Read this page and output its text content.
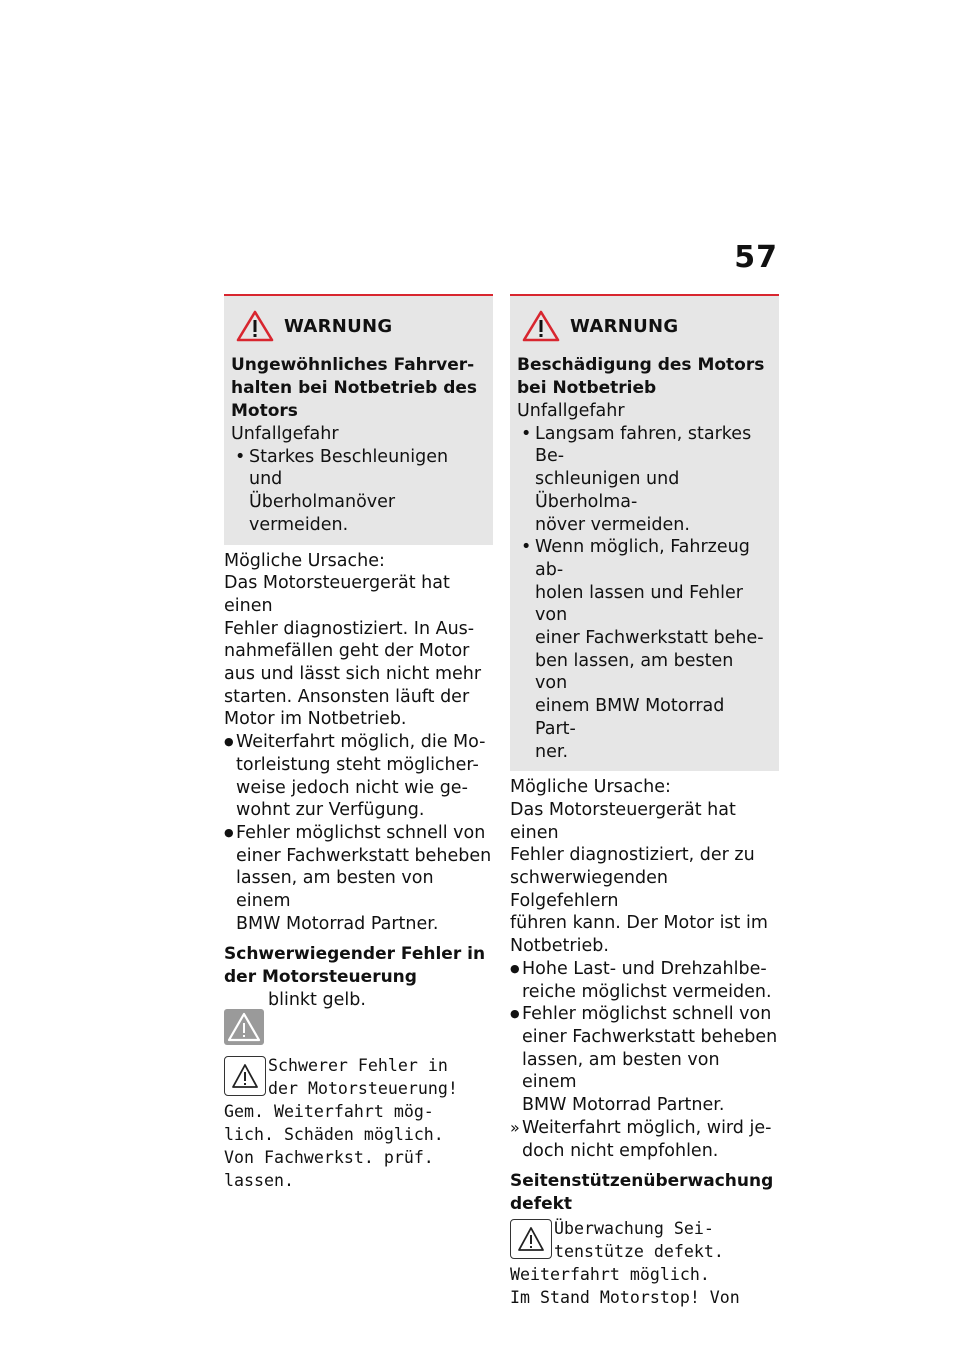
57
WARNUNG
Ungewöhnliches Fahrver-
halten bei Notbetrieb des
Motors
Unfallgefahr
• Starkes Beschleunigen und
Überholmanöver vermeiden.
Mögliche Ursache:
Das Motorsteuergerät hat einen
Fehler diagnostiziert. In Aus-
nahmefällen geht der Motor
aus und lässt sich nicht mehr
starten. Ansonsten läuft der
Motor im Notbetrieb.
● Weiterfahrt möglich, die Mo-
torleistung steht möglicher-
weise jedoch nicht wie ge-
wohnt zur Verfügung.
● Fehler möglichst schnell von
einer Fachwerkstatt beheben
lassen, am besten von einem
BMW Motorrad Partner.
Schwerwiegender Fehler in
der Motorsteuerung
blinkt gelb.
Schwerer Fehler in
der Motorsteuerung!
Gem. Weiterfahrt mög-
lich. Schäden möglich.
Von Fachwerkst. prüf.
lassen.
WARNUNG
Beschädigung des Motors
bei Notbetrieb
Unfallgefahr
• Langsam fahren, starkes Be-
schleunigen und Überholma-
növer vermeiden.
• Wenn möglich, Fahrzeug ab-
holen lassen und Fehler von
einer Fachwerkstatt behe-
ben lassen, am besten von
einem BMW Motorrad Part-
ner.
Mögliche Ursache:
Das Motorsteuergerät hat einen
Fehler diagnostiziert, der zu
schwerwiegenden Folgefehlern
führen kann. Der Motor ist im
Notbetrieb.
● Hohe Last- und Drehzahlbe-
reiche möglichst vermeiden.
● Fehler möglichst schnell von
einer Fachwerkstatt beheben
lassen, am besten von einem
BMW Motorrad Partner.
» Weiterfahrt möglich, wird je-
doch nicht empfohlen.
Seitenstützenüberwachung
defekt
Überwachung Sei-
tenstütze defekt.
Weiterfahrt möglich.
Im Stand Motorstop! Von
